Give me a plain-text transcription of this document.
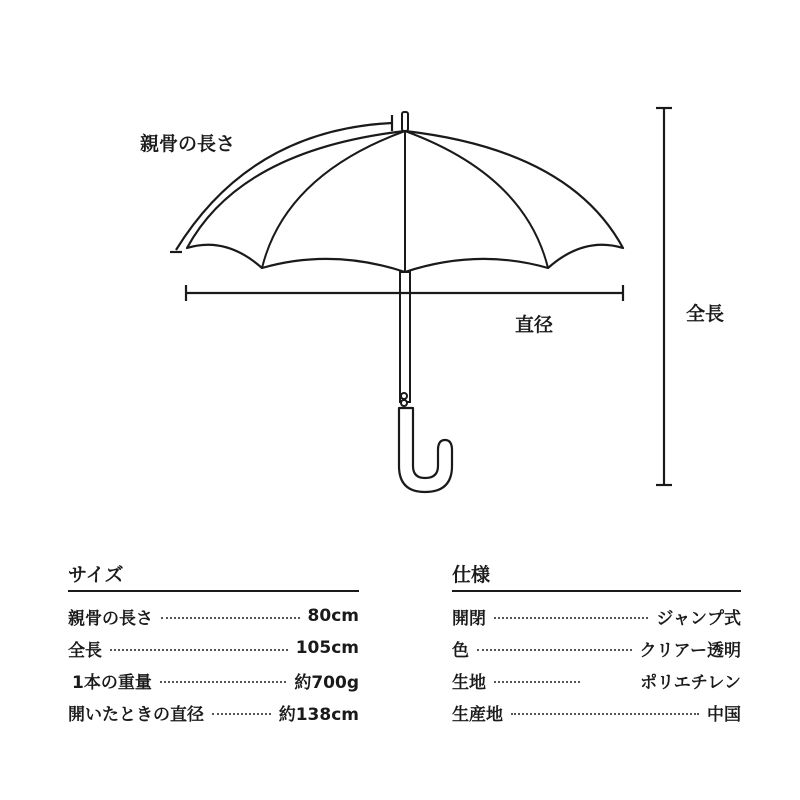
親骨の長さ
直径	全長
サイズ
親骨の長さ	80cm
全長	105cm
1本の重量	約700g
開いたときの直径	約138cm
仕様
開閉	ジャンプ式
色	クリアー透明
生地	ポリエチレン
生産地	中国
